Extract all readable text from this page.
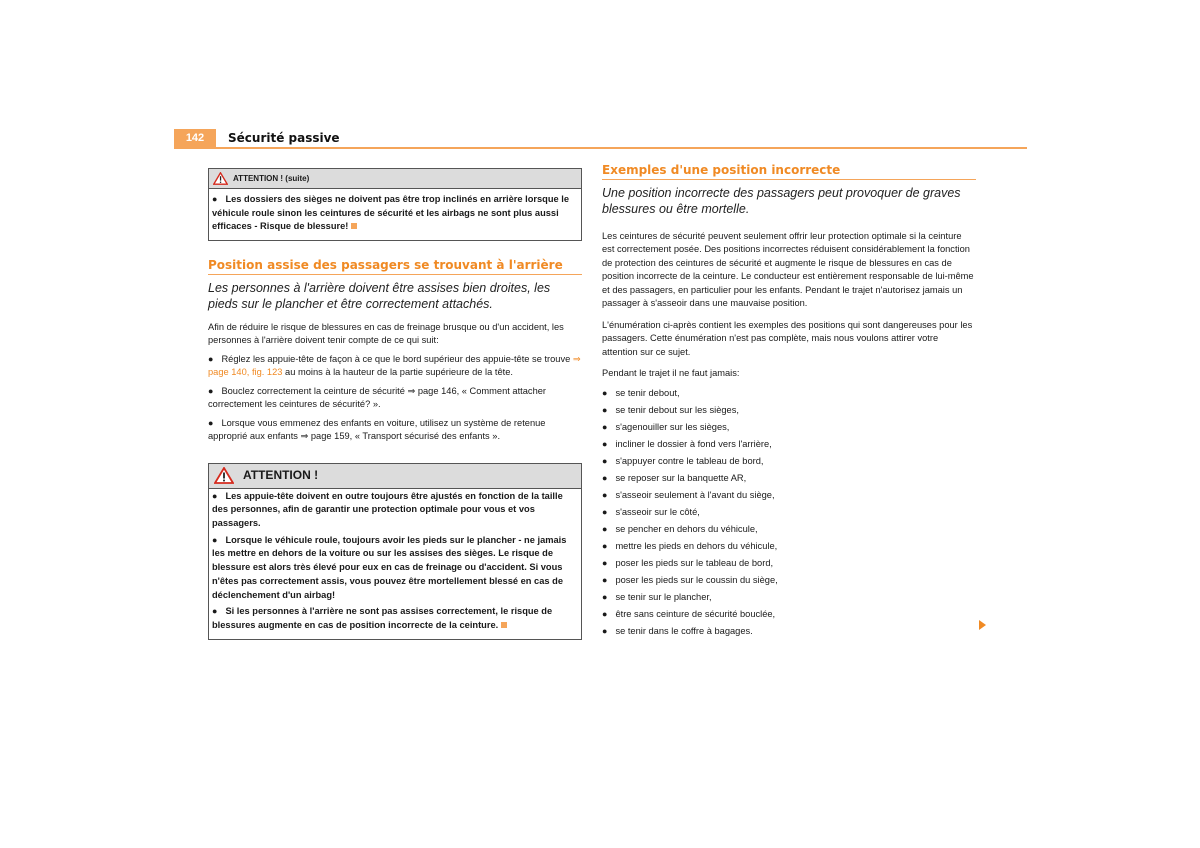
142	Sécurité passive
ATTENTION ! (suite)

● Les dossiers des sièges ne doivent pas être trop inclinés en arrière lorsque le véhicule roule sinon les ceintures de sécurité et les airbags ne sont plus aussi efficaces - Risque de blessure!

Position assise des passagers se trouvant à l'arrière

Les personnes à l'arrière doivent être assises bien droites, les pieds sur le plancher et être correctement attachés.

Afin de réduire le risque de blessures en cas de freinage brusque ou d'un accident, les personnes à l'arrière doivent tenir compte de ce qui suit:

● Réglez les appuie-tête de façon à ce que le bord supérieur des appuie-tête se trouve ⇒ page 140, fig. 123 au moins à la hauteur de la partie supérieure de la tête.

● Bouclez correctement la ceinture de sécurité ⇒ page 146, « Comment attacher correctement les ceintures de sécurité? ».

● Lorsque vous emmenez des enfants en voiture, utilisez un système de retenue approprié aux enfants ⇒ page 159, « Transport sécurisé des enfants ».

ATTENTION !

● Les appuie-tête doivent en outre toujours être ajustés en fonction de la taille des personnes, afin de garantir une protection optimale pour vous et vos passagers.

● Lorsque le véhicule roule, toujours avoir les pieds sur le plancher - ne jamais les mettre en dehors de la voiture ou sur les assises des sièges. Le risque de blessure est alors très élevé pour eux en cas de freinage ou d'accident. Si vous n'êtes pas correctement assis, vous pouvez être mortellement blessé en cas de déclenchement d'un airbag!

● Si les personnes à l'arrière ne sont pas assises correctement, le risque de blessures augmente en cas de position incorrecte de la ceinture.

Exemples d'une position incorrecte

Une position incorrecte des passagers peut provoquer de graves blessures ou être mortelle.

Les ceintures de sécurité peuvent seulement offrir leur protection optimale si la ceinture est correctement posée. Des positions incorrectes réduisent considérablement la fonction de protection des ceintures de sécurité et augmente le risque de blessures en cas de position incorrecte de la ceinture. Le conducteur est entièrement responsable de lui-même et des passagers, en particulier pour les enfants. Pendant le trajet n'autorisez jamais un passager à s'asseoir dans une mauvaise position.

L'énumération ci-après contient les exemples des positions qui sont dangereuses pour les passagers. Cette énumération n'est pas complète, mais nous voulons attirer votre attention sur ce sujet.

Pendant le trajet il ne faut jamais:

● se tenir debout,
● se tenir debout sur les sièges,
● s'agenouiller sur les sièges,
● incliner le dossier à fond vers l'arrière,
● s'appuyer contre le tableau de bord,
● se reposer sur la banquette AR,
● s'asseoir seulement à l'avant du siège,
● s'asseoir sur le côté,
● se pencher en dehors du véhicule,
● mettre les pieds en dehors du véhicule,
● poser les pieds sur le tableau de bord,
● poser les pieds sur le coussin du siège,
● se tenir sur le plancher,
● être sans ceinture de sécurité bouclée,
● se tenir dans le coffre à bagages.
